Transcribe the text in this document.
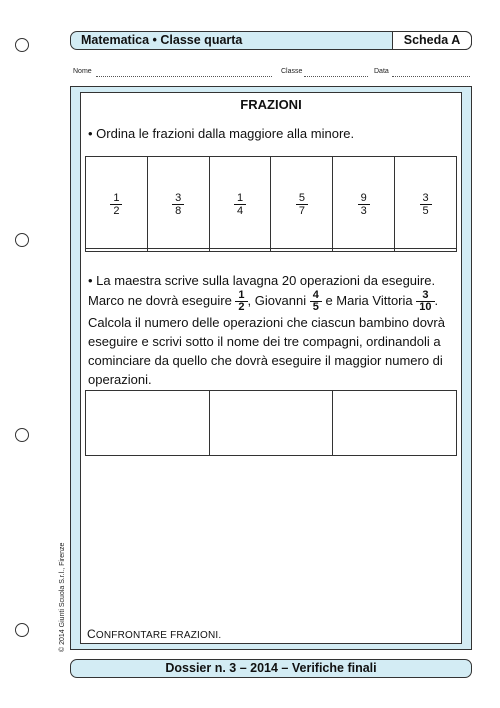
Matematica • Classe quarta	Scheda A
Nome	Classe	Data
FRAZIONI
• Ordina le frazioni dalla maggiore alla minore.
$\frac{1}{2}$	$\frac{3}{8}$	$\frac{1}{4}$	$\frac{5}{7}$	$\frac{9}{3}$	$\frac{3}{5}$

• La maestra scrive sulla lavagna 20 operazioni da eseguire.
Marco ne dovrà eseguire $\frac{1}{2}$ , Giovanni $\frac{4}{5}$ e Maria Vittoria $\frac{3}{10}$ .
Calcola il numero delle operazioni che ciascun bambino dovrà eseguire e scrivi sotto il nome dei tre compagni, ordinandoli a cominciare da quello che dovrà eseguire il maggior numero di operazioni.

CONFRONTARE FRAZIONI.
© 2014 Giunti Scuola S.r.l., Firenze
Dossier n. 3 – 2014 – Verifiche finali
